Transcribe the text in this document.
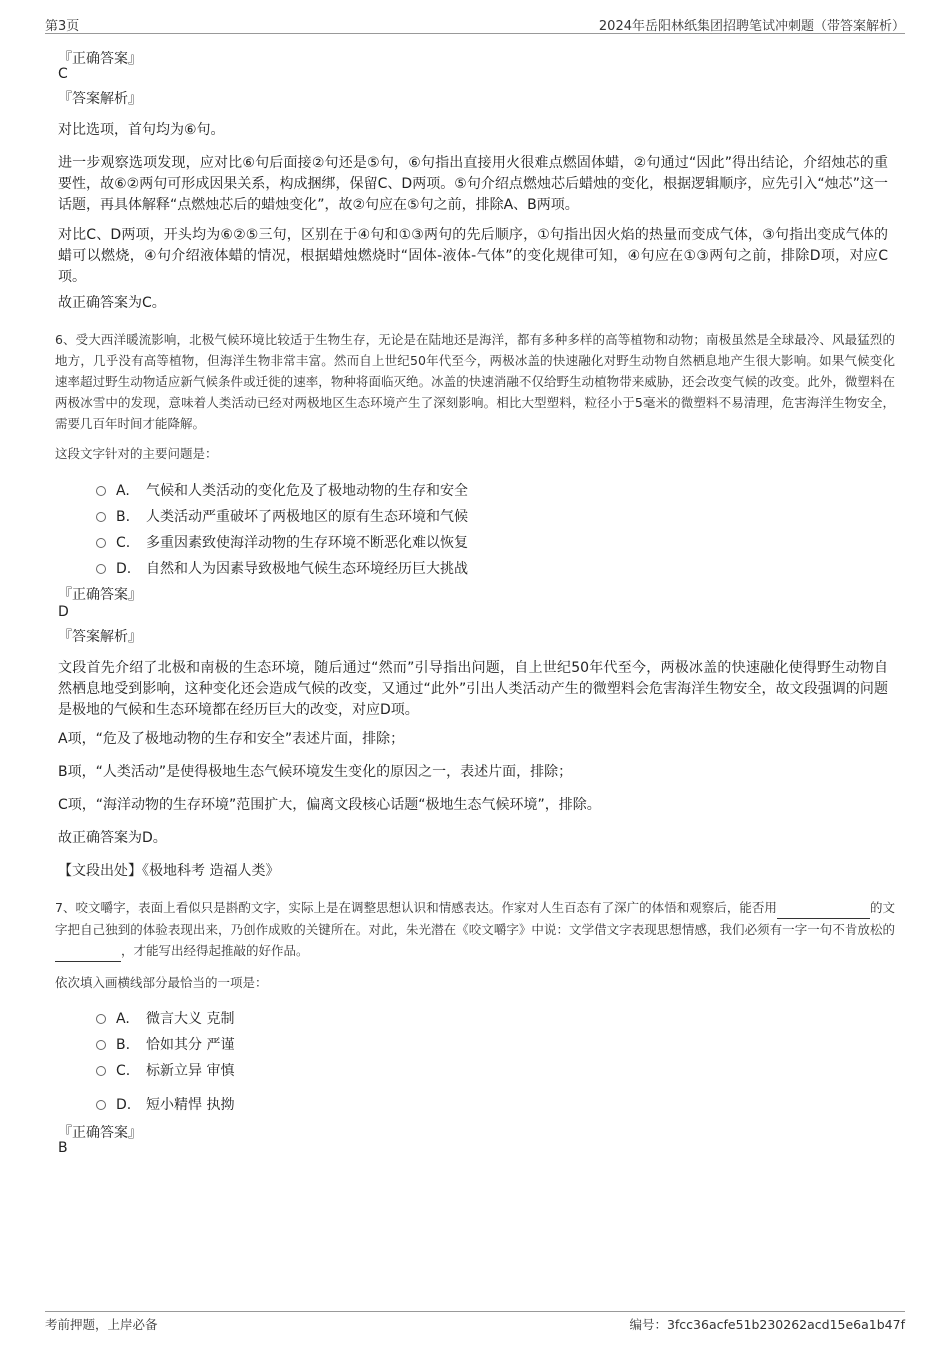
第3页	2024年岳阳林纸集团招聘笔试冲刺题（带答案解析）
『正确答案』
C
『答案解析』
对比选项，首句均为⑥句。
进一步观察选项发现，应对比⑥句后面接②句还是⑤句，⑥句指出直接用火很难点燃固体蜡，②句通过“因此”得出结论，介绍烛芯的重要性，故⑥②两句可形成因果关系，构成捆绑，保留C、D两项。⑤句介绍点燃烛芯后蜡烛的变化，根据逻辑顺序，应先引入“烛芯”这一话题，再具体解释“点燃烛芯后的蜡烛变化”，故②句应在⑤句之前，排除A、B两项。
对比C、D两项，开头均为⑥②⑤三句，区别在于④句和①③两句的先后顺序，①句指出因火焰的热量而变成气体，③句指出变成气体的蜡可以燃烧，④句介绍液体蜡的情况，根据蜡烛燃烧时“固体-液体-气体”的变化规律可知，④句应在①③两句之前，排除D项，对应C项。
故正确答案为C。
6、受大西洋暖流影响，北极气候环境比较适于生物生存，无论是在陆地还是海洋，都有多种多样的高等植物和动物；南极虽然是全球最冷、风最猛烈的地方，几乎没有高等植物，但海洋生物非常丰富。然而自上世纪50年代至今，两极冰盖的快速融化对野生动物自然栖息地产生很大影响。如果气候变化速率超过野生动物适应新气候条件或迁徙的速率，物种将面临灭绝。冰盖的快速消融不仅给野生动植物带来威胁，还会改变气候的改变。此外，微塑料在两极冰雪中的发现，意味着人类活动已经对两极地区生态环境产生了深刻影响。相比大型塑料，粒径小于5毫米的微塑料不易清理，危害海洋生物安全，需要几百年时间才能降解。
这段文字针对的主要问题是：
A. 气候和人类活动的变化危及了极地动物的生存和安全
B. 人类活动严重破坏了两极地区的原有生态环境和气候
C. 多重因素致使海洋动物的生存环境不断恶化难以恢复
D. 自然和人为因素导致极地气候生态环境经历巨大挑战
『正确答案』
D
『答案解析』
文段首先介绍了北极和南极的生态环境，随后通过“然而”引导指出问题，自上世纪50年代至今，两极冰盖的快速融化使得野生动物自然栖息地受到影响，这种变化还会造成气候的改变，又通过“此外”引出人类活动产生的微塑料会危害海洋生物安全，故文段强调的问题是极地的气候和生态环境都在经历巨大的改变，对应D项。
A项，“危及了极地动物的生存和安全”表述片面，排除；
B项，“人类活动”是使得极地生态气候环境发生变化的原因之一，表述片面，排除；
C项，“海洋动物的生存环境”范围扩大，偏离文段核心话题“极地生态气候环境”，排除。
故正确答案为D。
【文段出处】《极地科考 造福人类》
7、咬文嚼字，表面上看似只是斟酌文字，实际上是在调整思想认识和情感表达。作家对人生百态有了深广的体悟和观察后，能否用	的文字把自己独到的体验表现出来，乃创作成败的关键所在。对此，朱光潜在《咬文嚼字》中说：文学借文字表现思想情感，我们必须有一字一句不肯放松的，才能写出经得起推敲的好作品。
依次填入画横线部分最恰当的一项是：
A. 微言大义 克制
B. 恰如其分 严谨
C. 标新立异 审慎
D. 短小精悍 执拗
『正确答案』
B
考前押题，上岸必备	编号：3fcc36acfe51b230262acd15e6a1b47f
